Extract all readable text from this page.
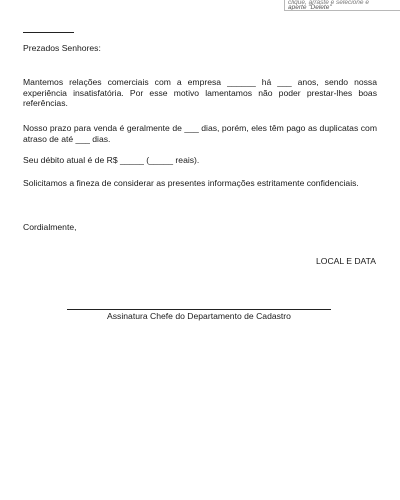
clique, arraste e selecione e
aperte "Delete"

Prezados Senhores:

Mantemos relações comerciais com a empresa ______ há ___ anos, sendo nossa experiência insatisfatória. Por esse motivo lamentamos não poder prestar-lhes boas referências.

Nosso prazo para venda é geralmente de ___ dias, porém, eles têm pago as duplicatas com atraso de até ___ dias.

Seu débito atual é de R$ _____ (_____ reais).

Solicitamos a fineza de considerar as presentes informações estritamente confidenciais.

Cordialmente,

LOCAL E DATA

Assinatura Chefe do Departamento de Cadastro
